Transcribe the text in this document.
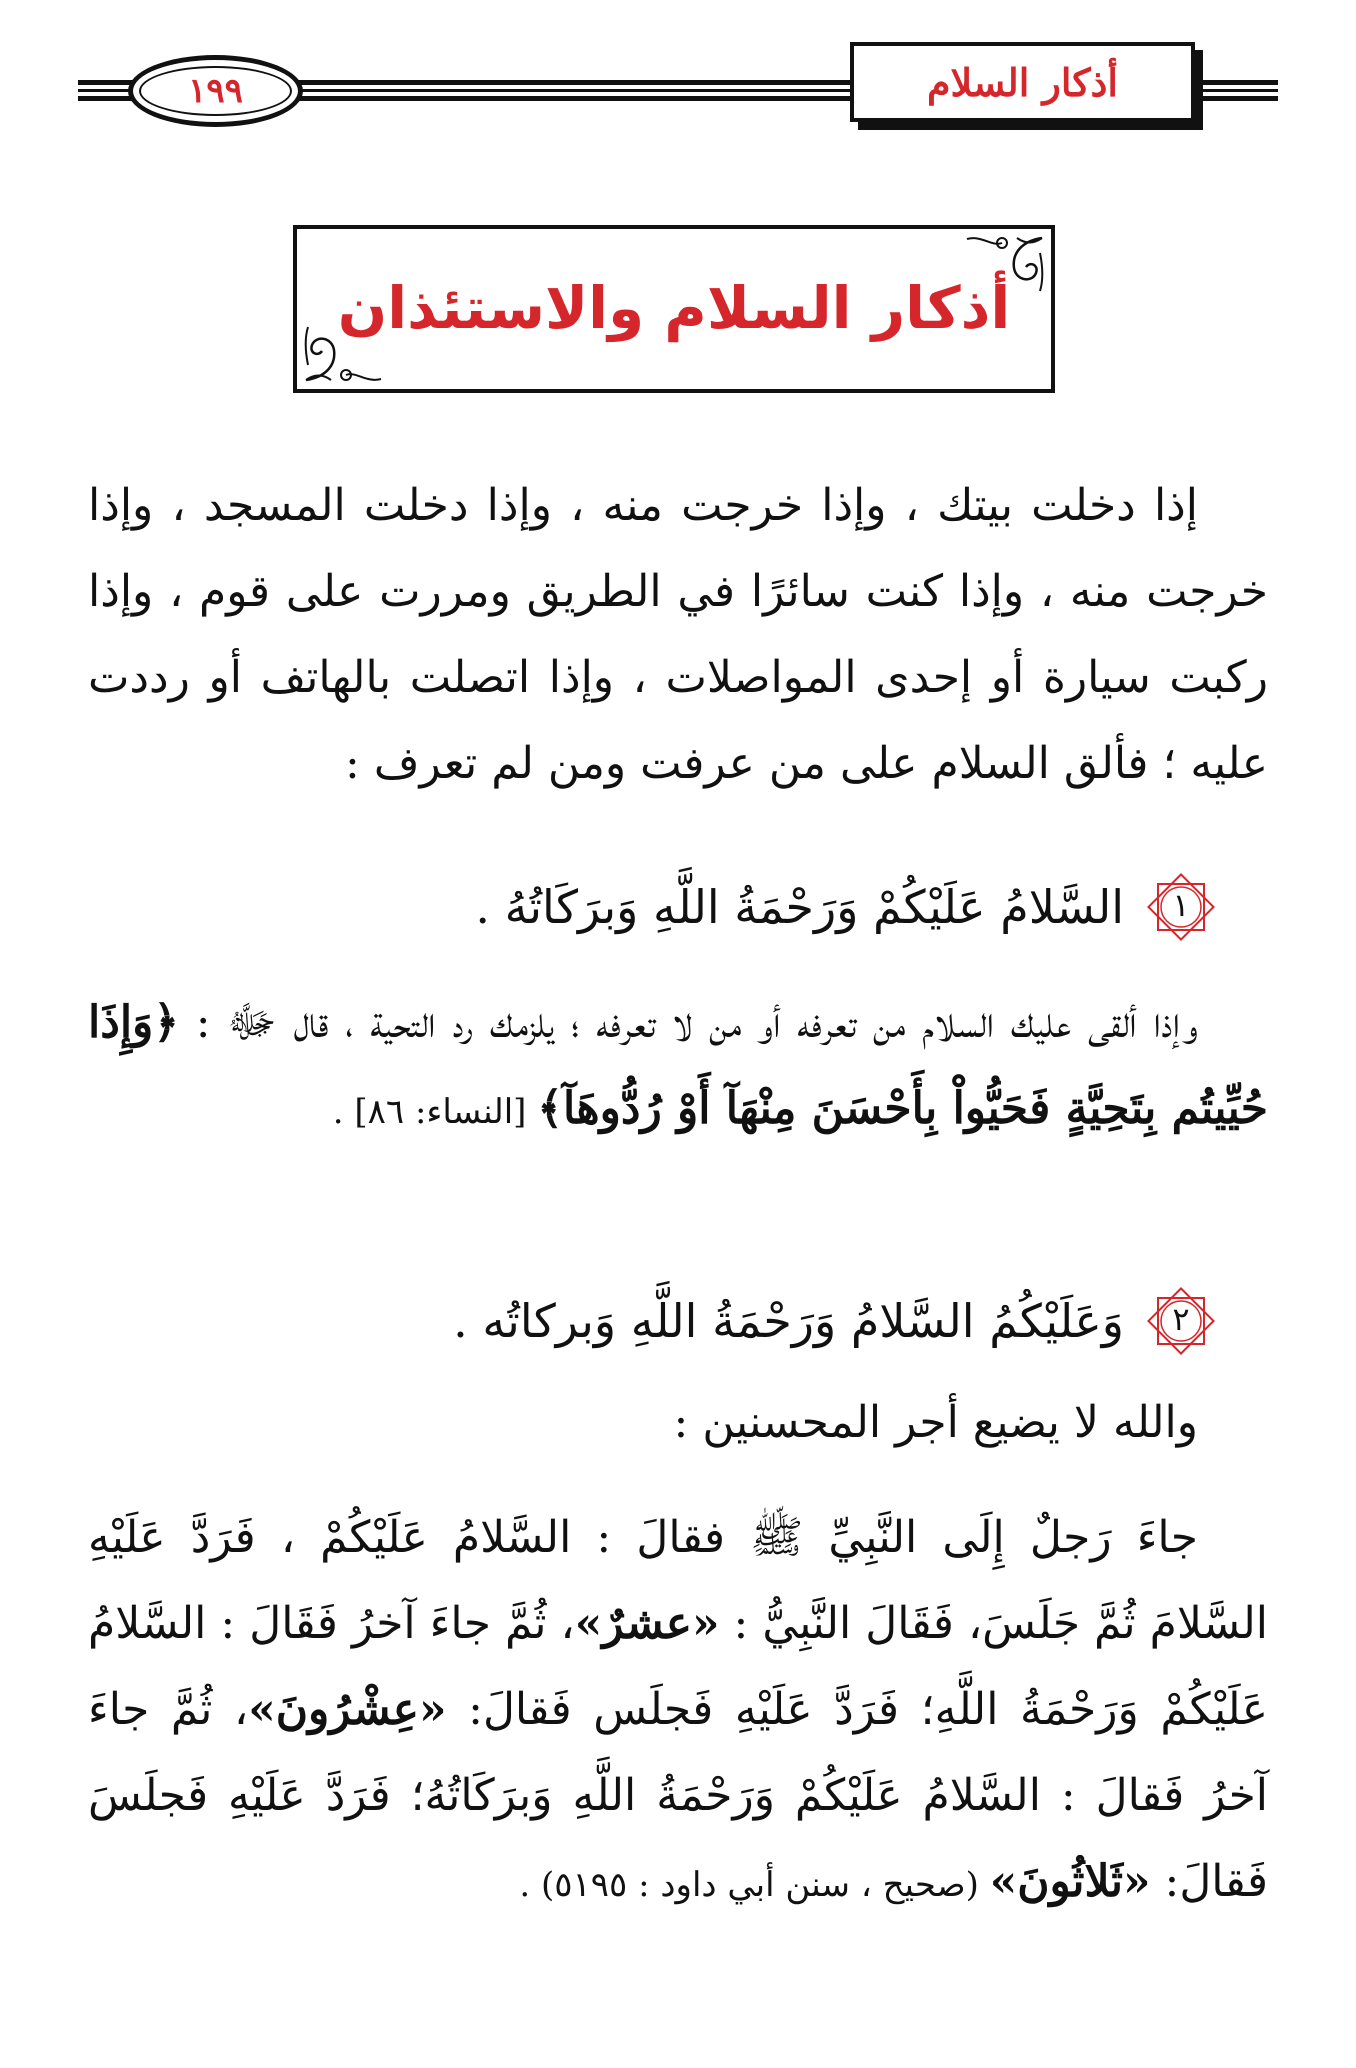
١٩٩	أذكار السلام
أذكار السلام والاستئذان
إذا دخلت بيتك ، وإذا خرجت منه ، وإذا دخلت المسجد ، وإذا خرجت منه ، وإذا كنت سائرًا في الطريق ومررت على قوم ، وإذا ركبت سيارة أو إحدى المواصلات ، وإذا اتصلت بالهاتف أو رددت عليه ؛ فألق السلام على من عرفت ومن لم تعرف :
١
السَّلامُ عَلَيْكُمْ وَرَحْمَةُ اللَّهِ وَبرَكَاتُهُ .
وإذا ألقى عليك السلام من تعرفه أو من لا تعرفه ؛ يلزمك رد التحية ، قال ﷻ : ﴿وَإِذَا حُيِّيتُم بِتَحِيَّةٍ فَحَيُّواْ بِأَحْسَنَ مِنْهَآ أَوْ رُدُّوهَآ﴾ [النساء: ٨٦] .
٢
وَعَلَيْكُمُ السَّلامُ وَرَحْمَةُ اللَّهِ وَبركاتُه .
والله لا يضيع أجر المحسنين :
جاءَ رَجلٌ إِلَى النَّبِيِّ ﷺ فقالَ : السَّلامُ عَلَيْكُمْ ، فَرَدَّ عَلَيْهِ السَّلامَ ثُمَّ جَلَسَ، فَقَالَ النَّبِيُّ : «عشرٌ»، ثُمَّ جاءَ آخرُ فَقَالَ : السَّلامُ عَلَيْكُمْ وَرَحْمَةُ اللَّهِ؛ فَرَدَّ عَلَيْهِ فَجلَس فَقالَ: «عِشْرُونَ»، ثُمَّ جاءَ آخرُ فَقالَ : السَّلامُ عَلَيْكُمْ وَرَحْمَةُ اللَّهِ وَبرَكَاتُهُ؛ فَرَدَّ عَلَيْهِ فَجلَسَ فَقالَ: «ثَلاثُونَ» (صحيح ، سنن أبي داود : ٥١٩٥) .
